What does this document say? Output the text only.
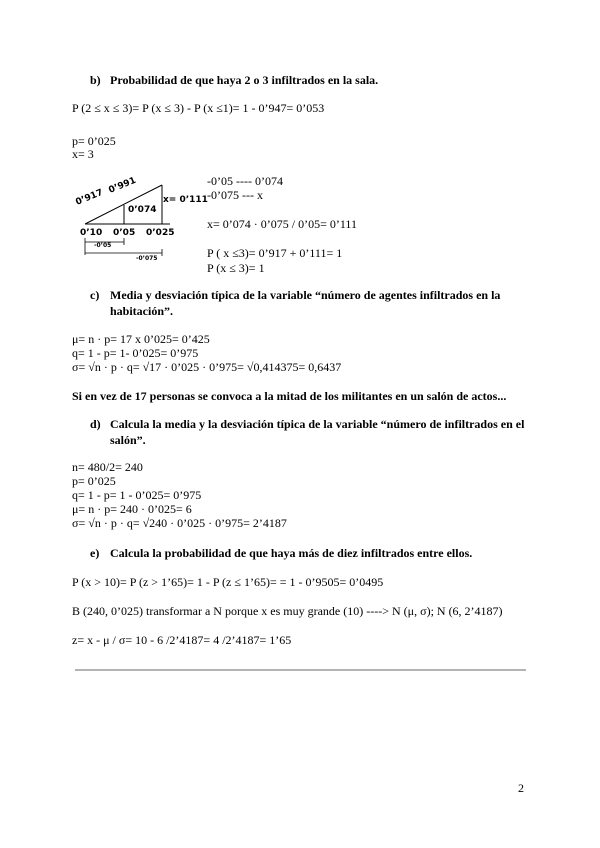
b) Probabilidad de que haya 2 o 3 infiltrados en la sala.
P (2 ≤ x ≤ 3)= P (x ≤ 3) - P (x ≤1)= 1 - 0’947= 0’053
p= 0’025
x= 3
0’917
0’991
0’074
x= 0’111
0’10 0’05 0’025
-0’05
-0’075
-0’05 ---- 0’074
-0’075 --- x
x= 0’074 · 0’075 / 0’05= 0’111
P ( x ≤3)= 0’917 + 0’111= 1
P (x ≤ 3)= 1
c) Media y desviación típica de la variable “número de agentes infiltrados en la habitación”.
μ= n · p= 17 x 0’025= 0’425
q= 1 - p= 1- 0’025= 0’975
σ= √n · p · q= √17 · 0’025 · 0’975= √0,414375= 0,6437
Si en vez de 17 personas se convoca a la mitad de los militantes en un salón de actos...
d) Calcula la media y la desviación típica de la variable “número de infiltrados en el salón”.
n= 480/2= 240
p= 0’025
q= 1 - p= 1 - 0’025= 0’975
μ= n · p= 240 · 0’025= 6
σ= √n · p · q= √240 · 0’025 · 0’975= 2’4187
e) Calcula la probabilidad de que haya más de diez infiltrados entre ellos.
P (x > 10)= P (z > 1’65)= 1 - P (z ≤ 1’65)= = 1 - 0’9505= 0’0495
B (240, 0’025) transformar a N porque x es muy grande (10) ----> N (μ, σ); N (6, 2’4187)
z= x - μ / σ= 10 - 6 /2’4187= 4 /2’4187= 1’65
2
